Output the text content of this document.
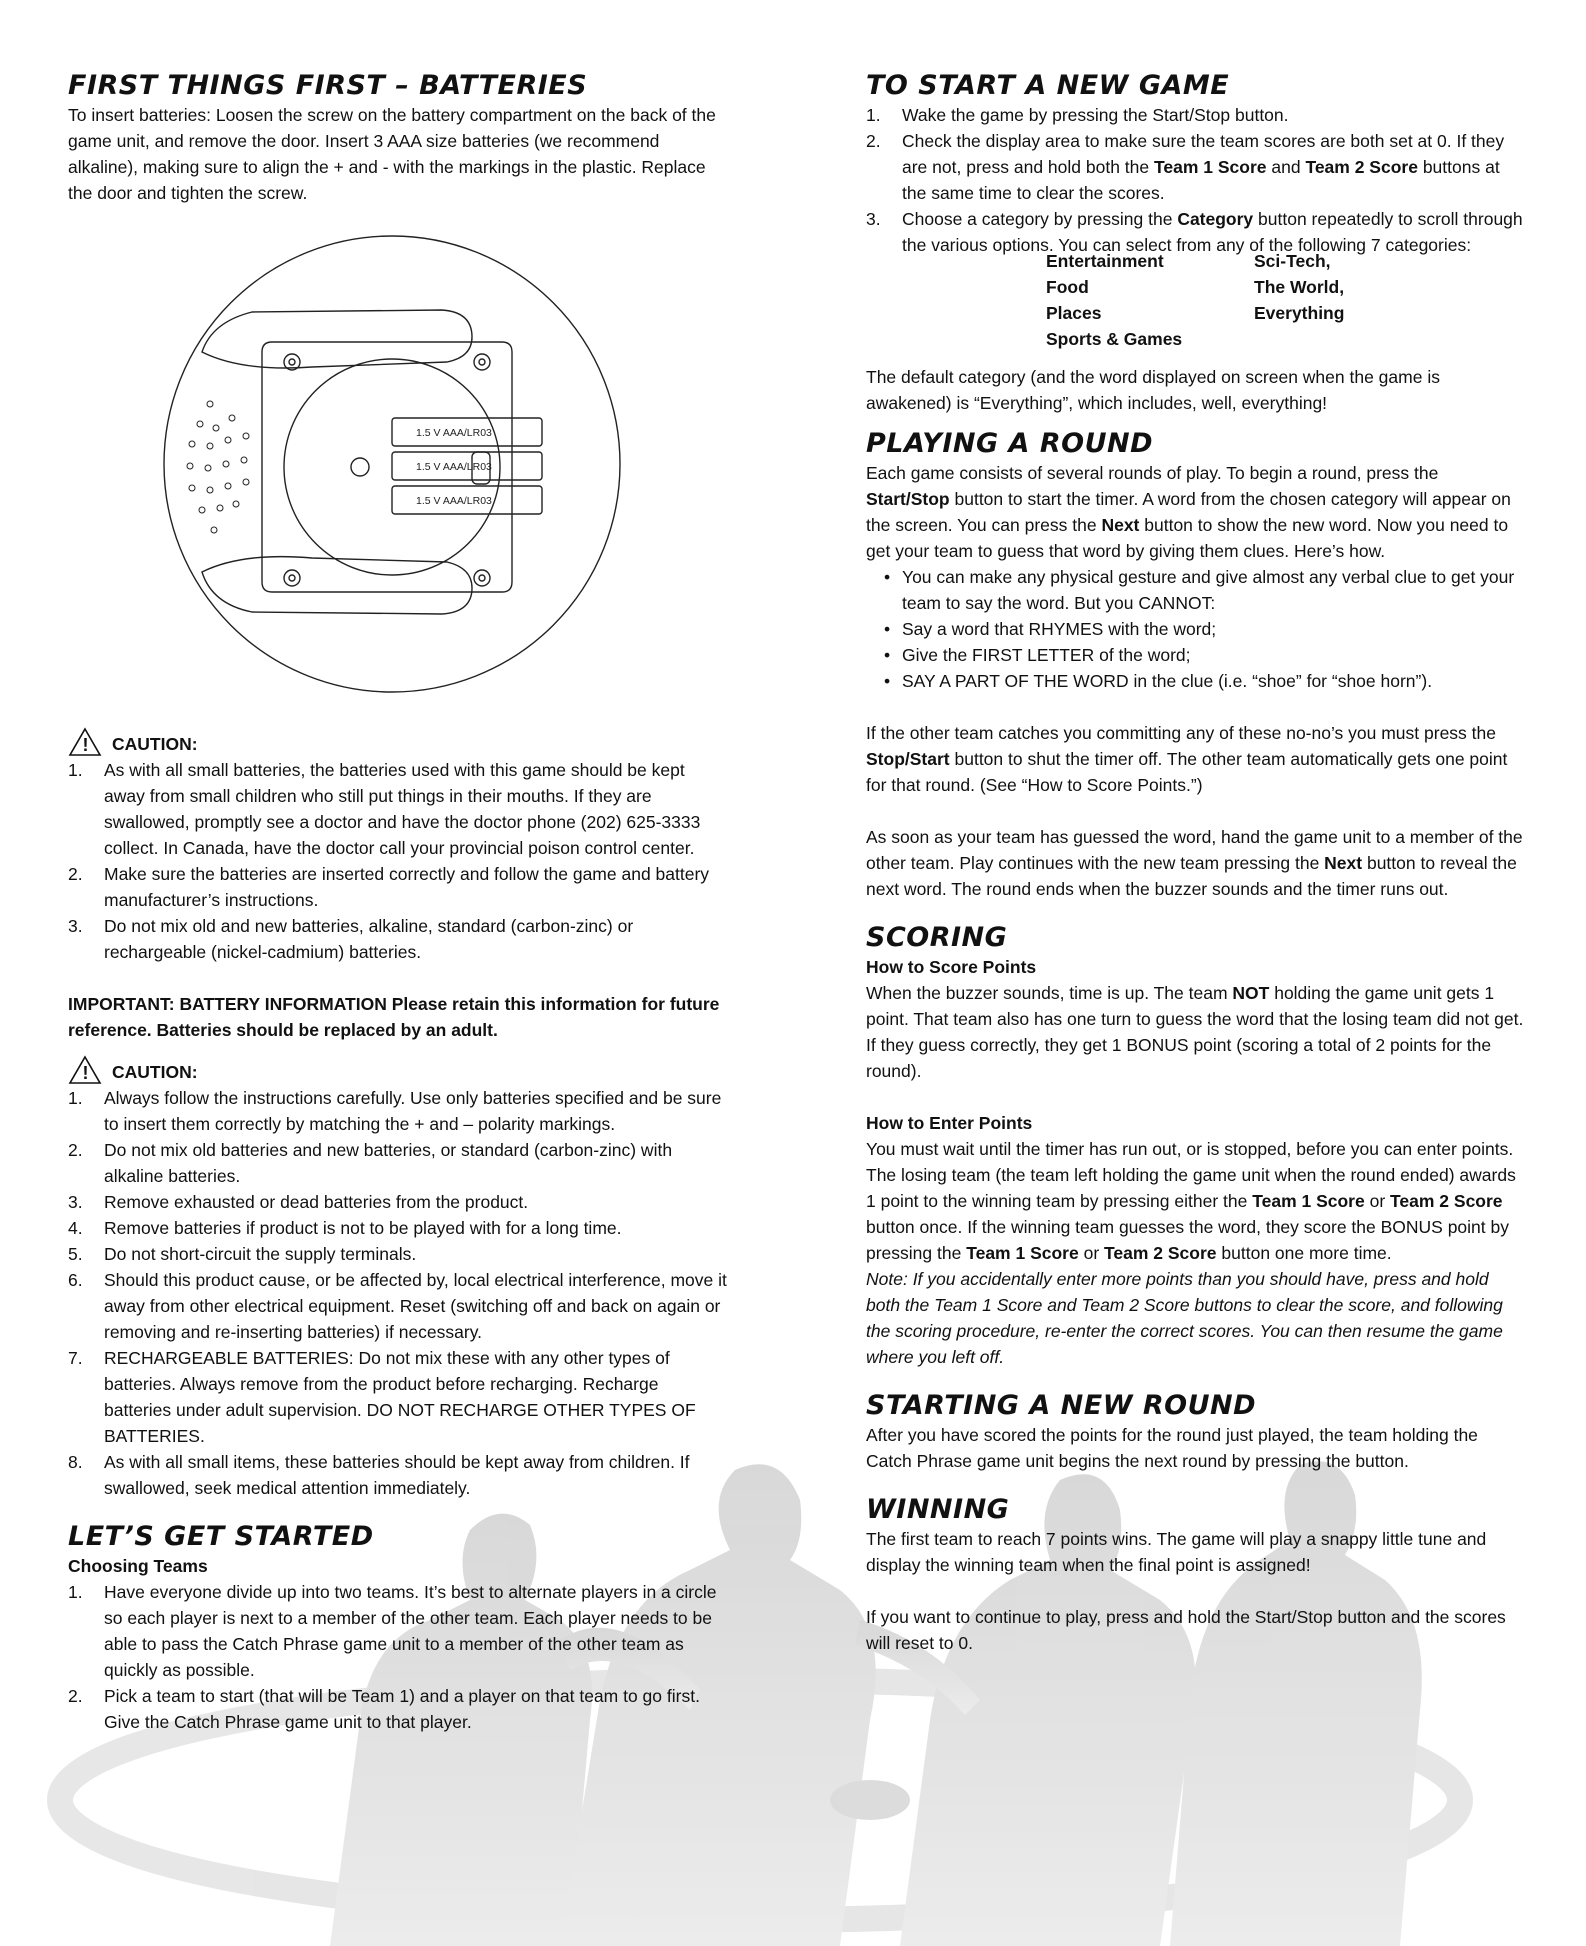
FIRST THINGS FIRST – BATTERIES

To insert batteries: Loosen the screw on the battery compartment on the back of the game unit, and remove the door. Insert 3 AAA size batteries (we recommend alkaline), making sure to align the + and - with the markings in the plastic. Replace the door and tighten the screw.

1.5 V AAA/LR03
1.5 V AAA/LR03
1.5 V AAA/LR03
! CAUTION:
1. As with all small batteries, the batteries used with this game should be kept away from small children who still put things in their mouths. If they are swallowed, promptly see a doctor and have the doctor phone (202) 625-3333 collect. In Canada, have the doctor call your provincial poison control center.
2. Make sure the batteries are inserted correctly and follow the game and battery manufacturer’s instructions.
3. Do not mix old and new batteries, alkaline, standard (carbon-zinc) or rechargeable (nickel-cadmium) batteries.

IMPORTANT: BATTERY INFORMATION Please retain this information for future reference. Batteries should be replaced by an adult.

! CAUTION:
1. Always follow the instructions carefully. Use only batteries specified and be sure to insert them correctly by matching the + and – polarity markings.
2. Do not mix old batteries and new batteries, or standard (carbon-zinc) with alkaline batteries.
3. Remove exhausted or dead batteries from the product.
4. Remove batteries if product is not to be played with for a long time.
5. Do not short-circuit the supply terminals.
6. Should this product cause, or be affected by, local electrical interference, move it away from other electrical equipment. Reset (switching off and back on again or removing and re-inserting batteries) if necessary.
7. RECHARGEABLE BATTERIES: Do not mix these with any other types of batteries. Always remove from the product before recharging. Recharge batteries under adult supervision. DO NOT RECHARGE OTHER TYPES OF BATTERIES.
8. As with all small items, these batteries should be kept away from children. If swallowed, seek medical attention immediately.
LET’S GET STARTED
Choosing Teams
1. Have everyone divide up into two teams. It’s best to alternate players in a circle so each player is next to a member of the other team. Each player needs to be able to pass the Catch Phrase game unit to a member of the other team as quickly as possible.
2. Pick a team to start (that will be Team 1) and a player on that team to go first. Give the Catch Phrase game unit to that player.
TO START A NEW GAME
1. Wake the game by pressing the Start/Stop button.
2. Check the display area to make sure the team scores are both set at 0. If they are not, press and hold both the Team 1 Score and Team 2 Score buttons at the same time to clear the scores.
3. Choose a category by pressing the Category button repeatedly to scroll through the various options. You can select from any of the following 7 categories:
Entertainment	Sci-Tech,
Food	The World,
Places	Everything
Sports & Games

The default category (and the word displayed on screen when the game is awakened) is “Everything”, which includes, well, everything!

PLAYING A ROUND

Each game consists of several rounds of play. To begin a round, press the Start/Stop button to start the timer. A word from the chosen category will appear on the screen. You can press the Next button to show the new word. Now you need to get your team to guess that word by giving them clues. Here’s how.

• You can make any physical gesture and give almost any verbal clue to get your team to say the word. But you CANNOT:
• Say a word that RHYMES with the word;
• Give the FIRST LETTER of the word;
• SAY A PART OF THE WORD in the clue (i.e. “shoe” for “shoe horn”).

If the other team catches you committing any of these no-no’s you must press the Stop/Start button to shut the timer off. The other team automatically gets one point for that round. (See “How to Score Points.”)

As soon as your team has guessed the word, hand the game unit to a member of the other team. Play continues with the new team pressing the Next button to reveal the next word. The round ends when the buzzer sounds and the timer runs out.

SCORING
How to Score Points

When the buzzer sounds, time is up. The team NOT holding the game unit gets 1 point. That team also has one turn to guess the word that the losing team did not get. If they guess correctly, they get 1 BONUS point (scoring a total of 2 points for the round).

How to Enter Points

You must wait until the timer has run out, or is stopped, before you can enter points. The losing team (the team left holding the game unit when the round ended) awards 1 point to the winning team by pressing either the Team 1 Score or Team 2 Score button once. If the winning team guesses the word, they score the BONUS point by pressing the Team 1 Score or Team 2 Score button one more time.

Note: If you accidentally enter more points than you should have, press and hold both the Team 1 Score and Team 2 Score buttons to clear the score, and following the scoring procedure, re-enter the correct scores. You can then resume the game where you left off.

STARTING A NEW ROUND

After you have scored the points for the round just played, the team holding the Catch Phrase game unit begins the next round by pressing the button.

WINNING

The first team to reach 7 points wins. The game will play a snappy little tune and display the winning team when the final point is assigned!

If you want to continue to play, press and hold the Start/Stop button and the scores will reset to 0.
